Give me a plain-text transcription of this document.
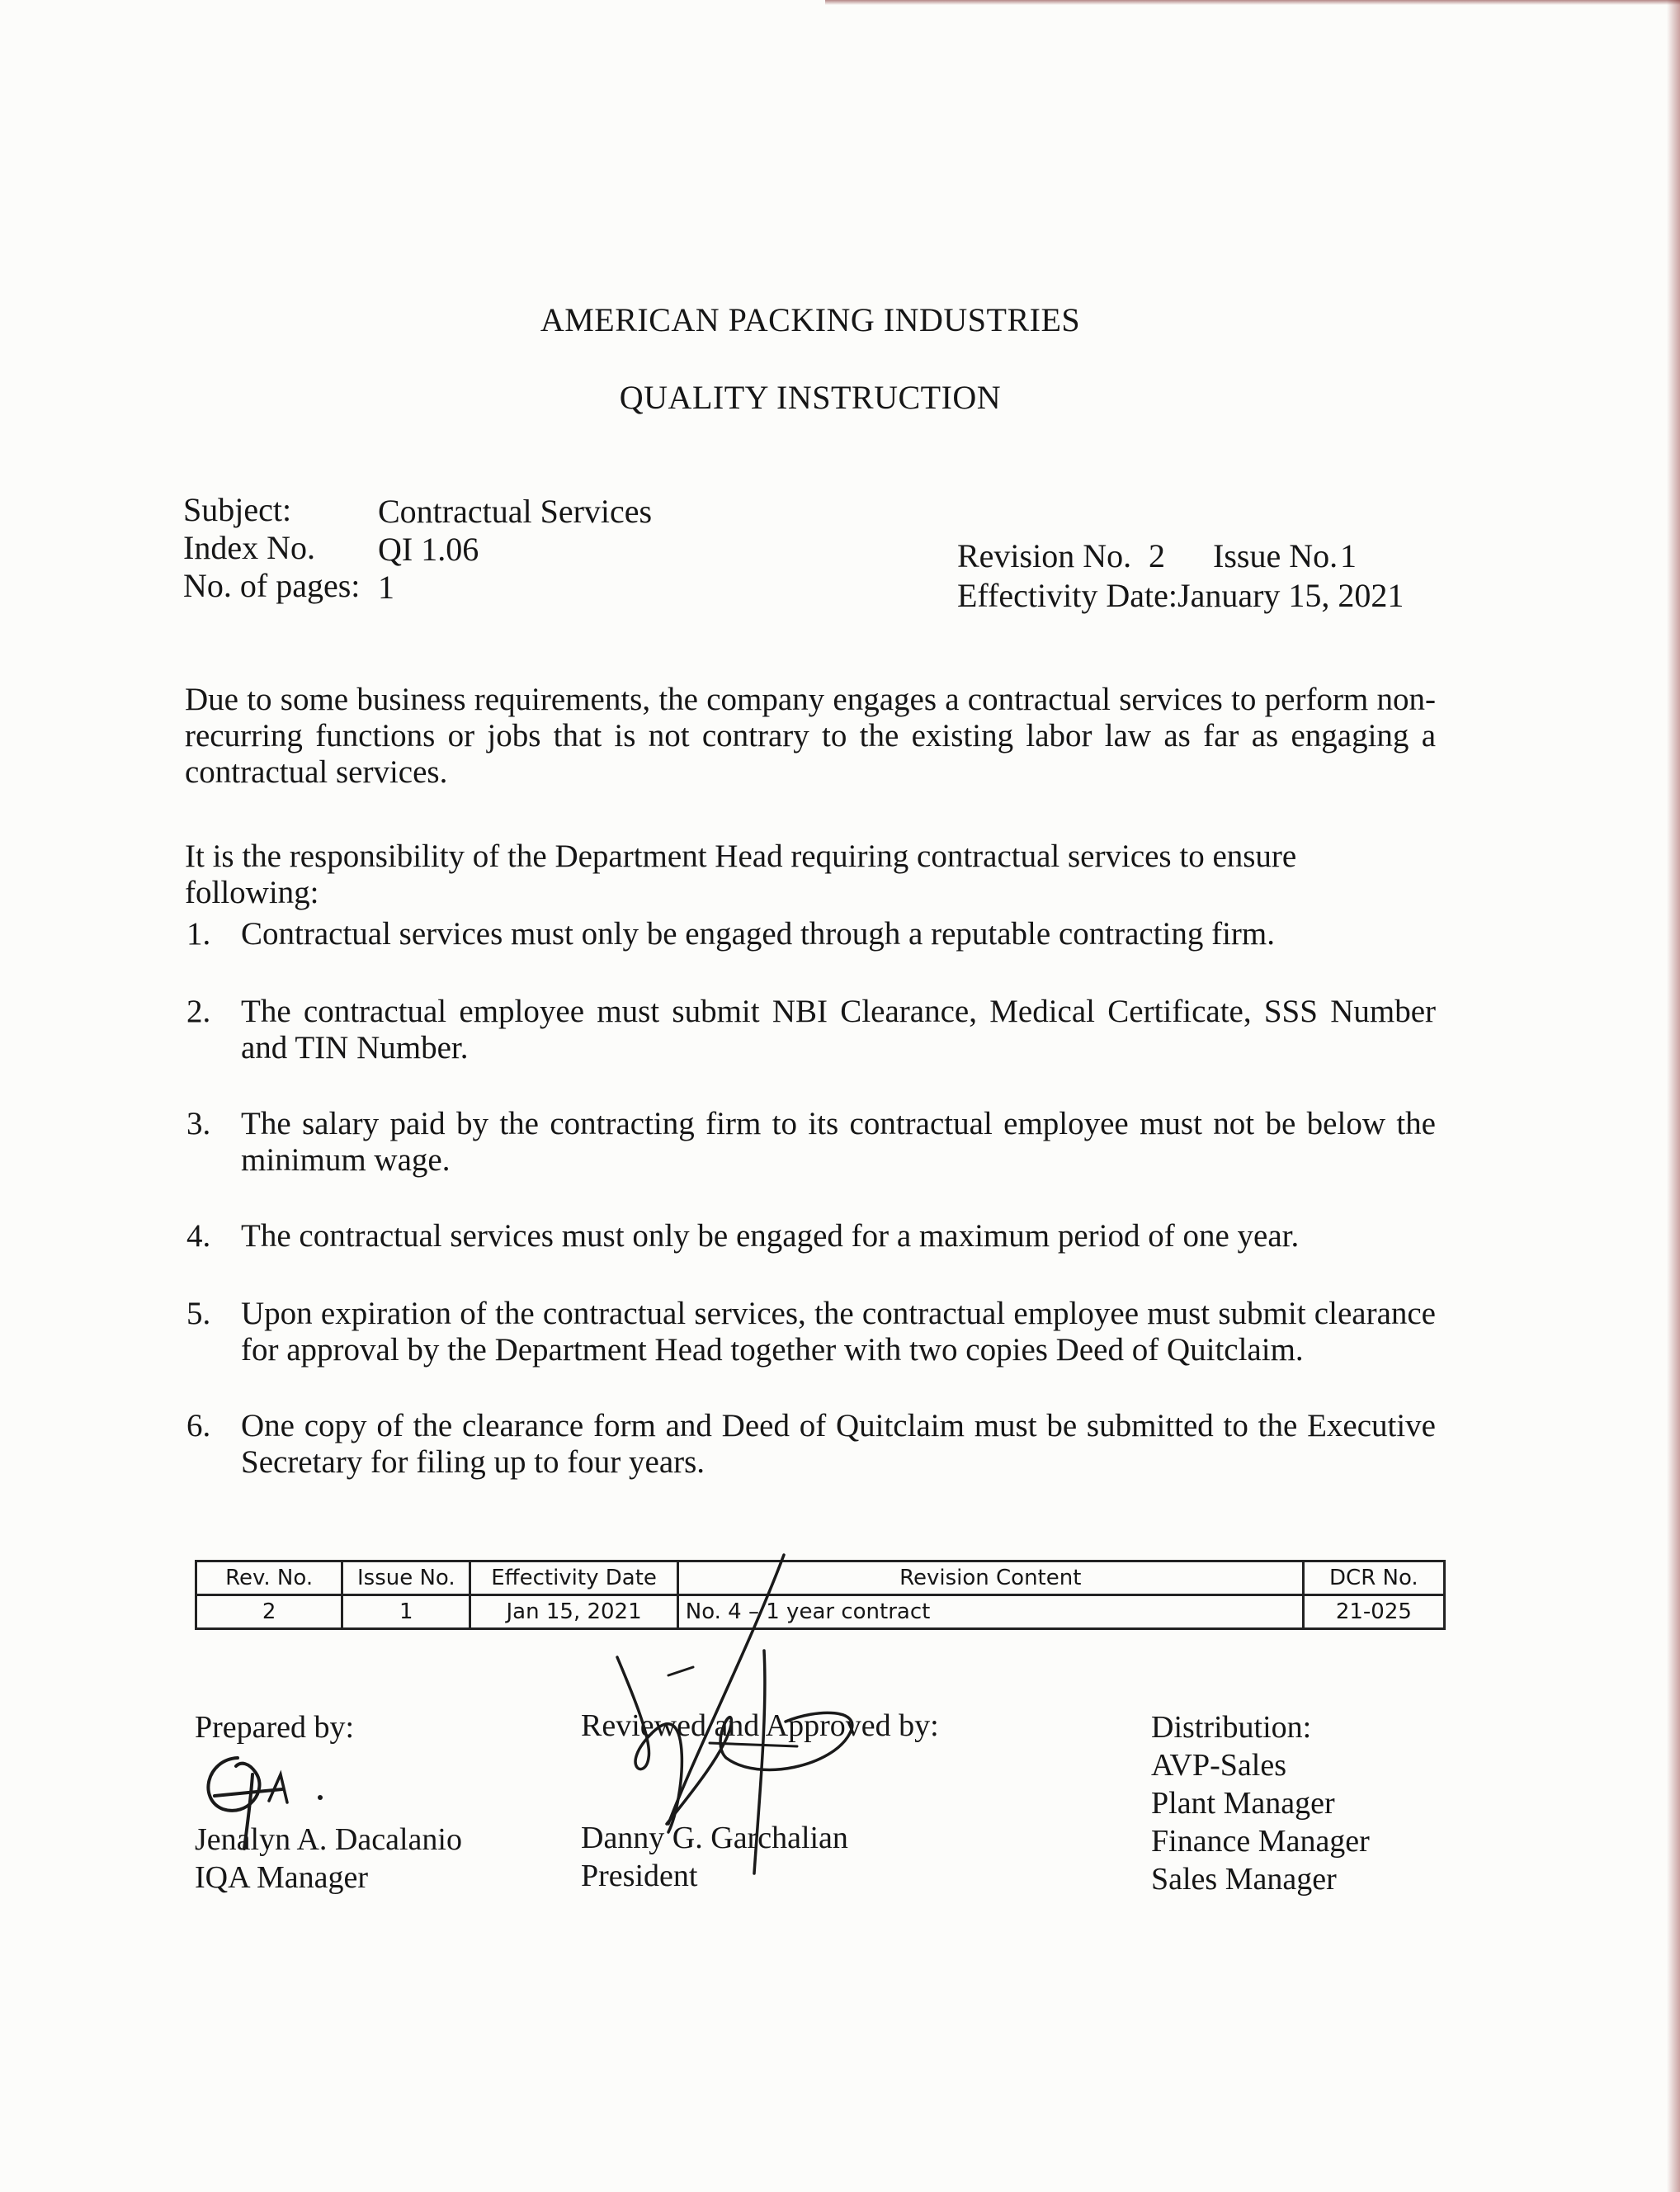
AMERICAN PACKING INDUSTRIES
QUALITY INSTRUCTION
Subject:	Contractual Services
Index No. QI 1.06
No. of pages: 1
Revision No. 2 Issue No. 1
Effectivity Date: January 15, 2021
Due to some business requirements, the company engages a contractual services to perform non-recurring functions or jobs that is not contrary to the existing labor law as far as engaging a contractual services.
It is the responsibility of the Department Head requiring contractual services to ensure following:
1. Contractual services must only be engaged through a reputable contracting firm.
2. The contractual employee must submit NBI Clearance, Medical Certificate, SSS Number and TIN Number.
3. The salary paid by the contracting firm to its contractual employee must not be below the minimum wage.
4. The contractual services must only be engaged for a maximum period of one year.
5. Upon expiration of the contractual services, the contractual employee must submit clearance for approval by the Department Head together with two copies Deed of Quitclaim.
6. One copy of the clearance form and Deed of Quitclaim must be submitted to the Executive Secretary for filing up to four years.
Rev. No.	Issue No.	Effectivity Date	Revision Content	DCR No.
2	1	Jan 15, 2021	No. 4 – 1 year contract	21-025
Prepared by:
Jenalyn A. Dacalanio
IQA Manager
Reviewed and Approved by:
Danny G. Garchalian
President
Distribution:
AVP-Sales
Plant Manager
Finance Manager
Sales Manager
